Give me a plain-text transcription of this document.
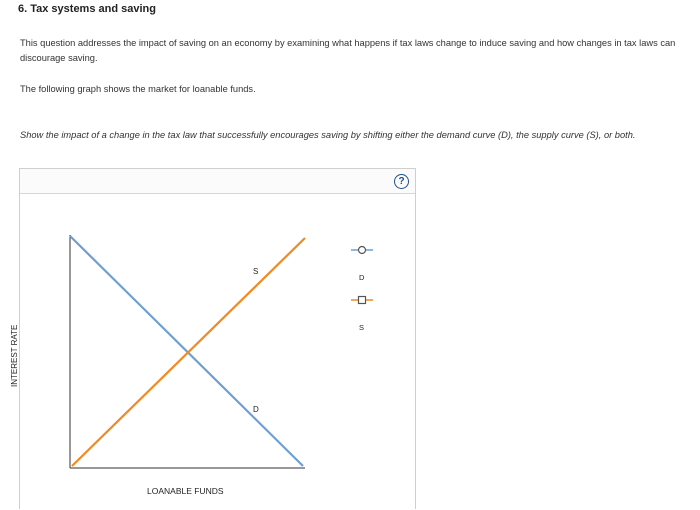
6. Tax systems and saving
This question addresses the impact of saving on an economy by examining what happens if tax laws change to induce saving and how changes in tax laws can discourage saving.
The following graph shows the market for loanable funds.
Show the impact of a change in the tax law that successfully encourages saving by shifting either the demand curve (D), the supply curve (S), or both.
?
S
D
D
S
INTEREST RATE
LOANABLE FUNDS
